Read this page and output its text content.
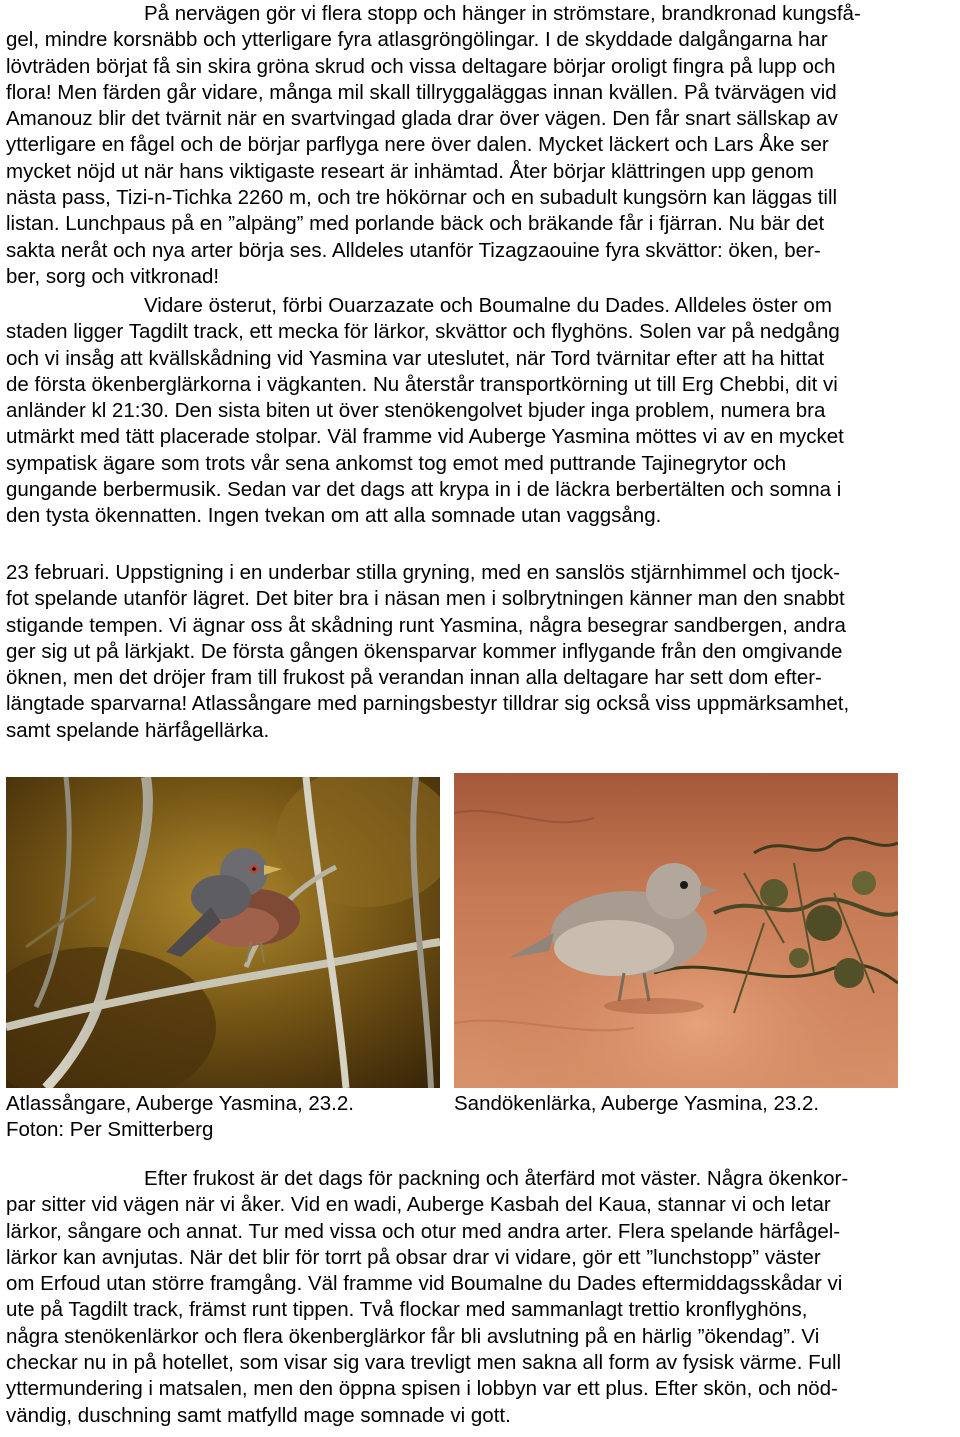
På nervägen gör vi flera stopp och hänger in strömstare, brandkronad kungsfå-
gel, mindre korsnäbb och ytterligare fyra atlasgröngölingar. I de skyddade dalgångarna har
lövträden börjat få sin skira gröna skrud och vissa deltagare börjar oroligt fingra på lupp och
flora! Men färden går vidare, många mil skall tillryggaläggas innan kvällen. På tvärvägen vid
Amanouz blir det tvärnit när en svartvingad glada drar över vägen. Den får snart sällskap av
ytterligare en fågel och de börjar parflyga nere över dalen. Mycket läckert och Lars Åke ser
mycket nöjd ut när hans viktigaste researt är inhämtad. Åter börjar klättringen upp genom
nästa pass, Tizi-n-Tichka 2260 m, och tre hökörnar och en subadult kungsörn kan läggas till
listan. Lunchpaus på en ”alpäng” med porlande bäck och bräkande får i fjärran. Nu bär det
sakta neråt och nya arter börja ses. Alldeles utanför Tizagzaouine fyra skvättor: öken, ber-
ber, sorg och vitkronad!
Vidare österut, förbi Ouarzazate och Boumalne du Dades. Alldeles öster om
staden ligger Tagdilt track, ett mecka för lärkor, skvättor och flyghöns. Solen var på nedgång
och vi insåg att kvällskådning vid Yasmina var uteslutet, när Tord tvärnitar efter att ha hittat
de första ökenberglärkorna i vägkanten. Nu återstår transportkörning ut till Erg Chebbi, dit vi
anländer kl 21:30. Den sista biten ut över stenökengolvet bjuder inga problem, numera bra
utmärkt med tätt placerade stolpar. Väl framme vid Auberge Yasmina möttes vi av en mycket
sympatisk ägare som trots vår sena ankomst tog emot med puttrande Tajinegrytor och
gungande berbermusik. Sedan var det dags att krypa in i de läckra berbertälten och somna i
den tysta ökennatten. Ingen tvekan om att alla somnade utan vaggsång.
23 februari. Uppstigning i en underbar stilla gryning, med en sanslös stjärnhimmel och tjock-
fot spelande utanför lägret. Det biter bra i näsan men i solbrytningen känner man den snabbt
stigande tempen. Vi ägnar oss åt skådning runt Yasmina, några besegrar sandbergen, andra
ger sig ut på lärkjakt. De första gången ökensparvar kommer inflygande från den omgivande
öknen, men det dröjer fram till frukost på verandan innan alla deltagare har sett dom efter-
längtade sparvarna! Atlassångare med parningsbestyr tilldrar sig också viss uppmärksamhet,
samt spelande härfågellärka.
Atlassångare, Auberge Yasmina, 23.2.
Foton: Per Smitterberg
Sandökenlärka, Auberge Yasmina, 23.2.
Efter frukost är det dags för packning och återfärd mot väster. Några ökenkor-
par sitter vid vägen när vi åker. Vid en wadi, Auberge Kasbah del Kaua, stannar vi och letar
lärkor, sångare och annat. Tur med vissa och otur med andra arter. Flera spelande härfågel-
lärkor kan avnjutas. När det blir för torrt på obsar drar vi vidare, gör ett ”lunchstopp” väster
om Erfoud utan större framgång. Väl framme vid Boumalne du Dades eftermiddagsskådar vi
ute på Tagdilt track, främst runt tippen. Två flockar med sammanlagt trettio kronflyghöns,
några stenökenlärkor och flera ökenberglärkor får bli avslutning på en härlig ”ökendag”. Vi
checkar nu in på hotellet, som visar sig vara trevligt men sakna all form av fysisk värme. Full
yttermundering i matsalen, men den öppna spisen i lobbyn var ett plus. Efter skön, och nöd-
vändig, duschning samt matfylld mage somnade vi gott.
